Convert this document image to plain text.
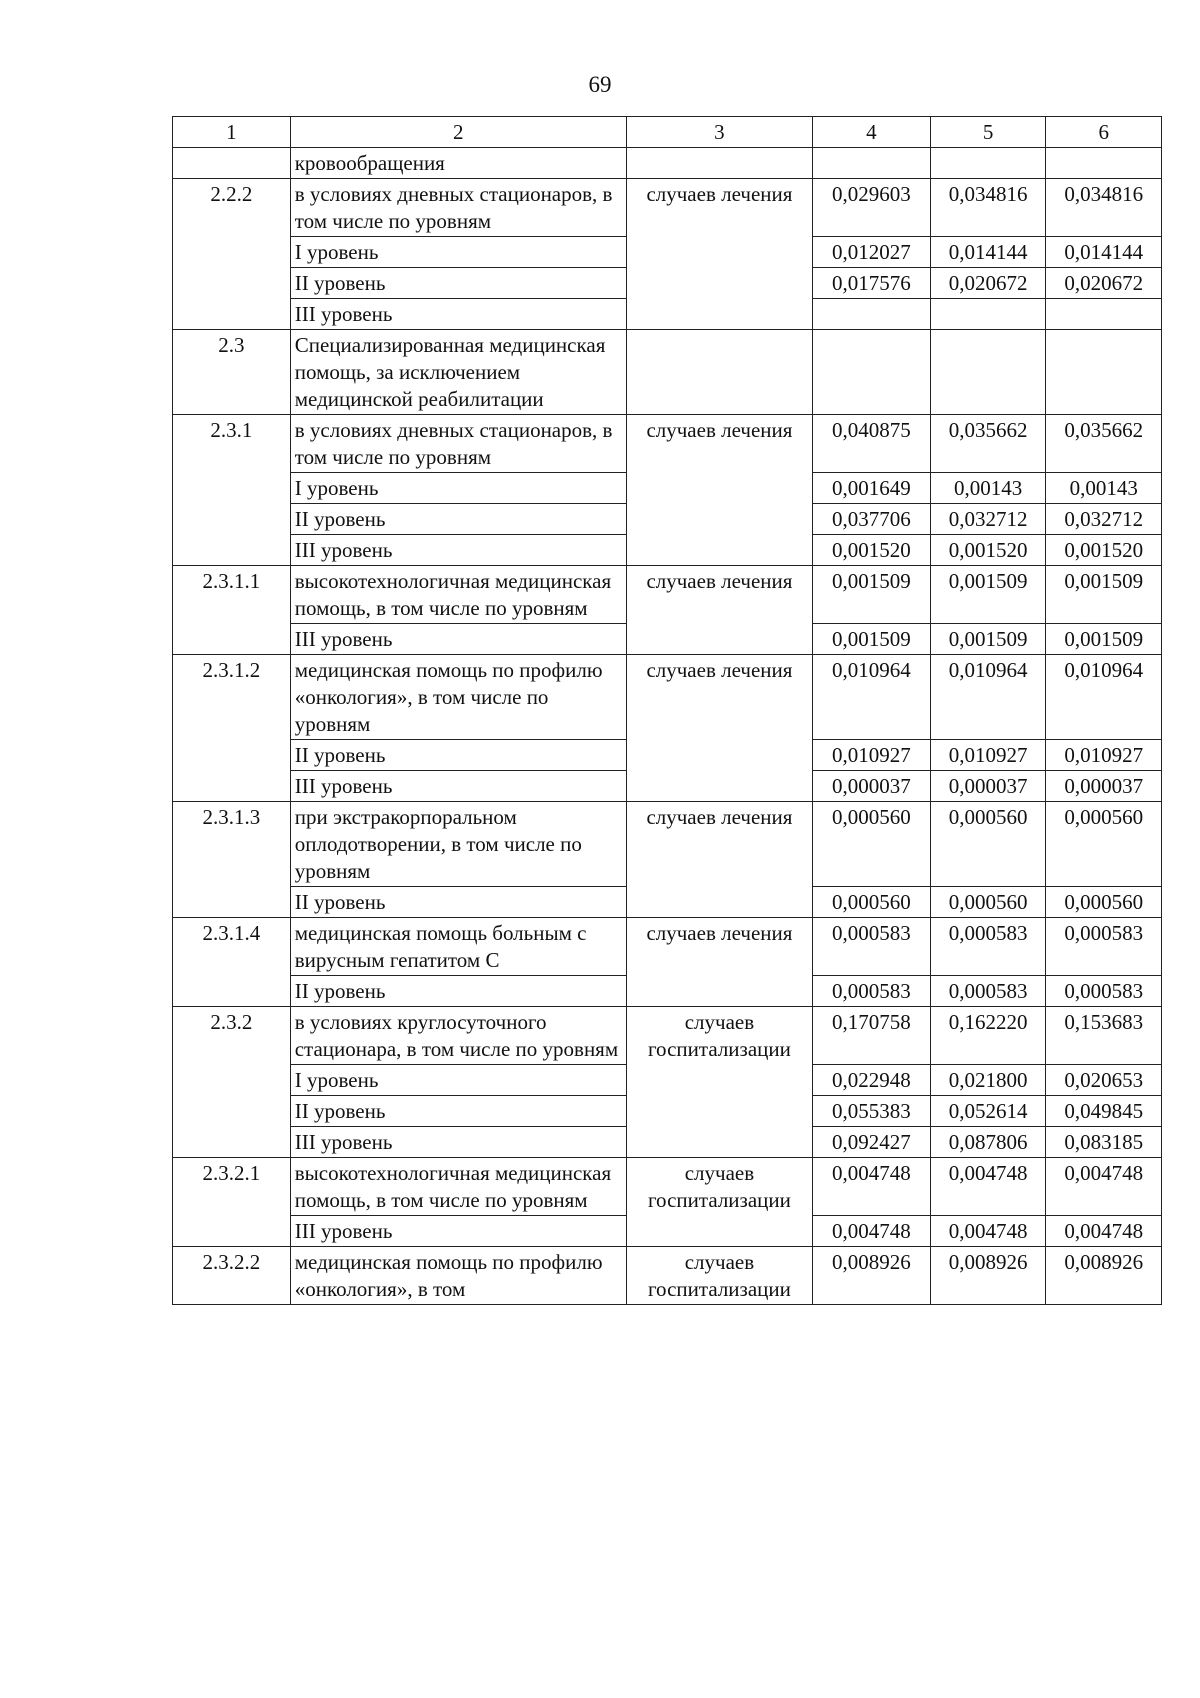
69
1	2	3	4	5	6
	кровообращения				
2.2.2	в условиях дневных стационаров, в том числе по уровням	случаев лечения	0,029603	0,034816	0,034816
	I уровень		0,012027	0,014144	0,014144
	II уровень		0,017576	0,020672	0,020672
	III уровень				
2.3	Специализированная медицинская помощь, за исключением медицинской реабилитации				
2.3.1	в условиях дневных стационаров, в том числе по уровням	случаев лечения	0,040875	0,035662	0,035662
	I уровень		0,001649	0,00143	0,00143
	II уровень		0,037706	0,032712	0,032712
	III уровень		0,001520	0,001520	0,001520
2.3.1.1	высокотехнологичная медицинская помощь, в том числе по уровням	случаев лечения	0,001509	0,001509	0,001509
	III уровень		0,001509	0,001509	0,001509
2.3.1.2	медицинская помощь по профилю «онкология», в том числе по уровням	случаев лечения	0,010964	0,010964	0,010964
	II уровень		0,010927	0,010927	0,010927
	III уровень		0,000037	0,000037	0,000037
2.3.1.3	при экстракорпоральном оплодотворении, в том числе по уровням	случаев лечения	0,000560	0,000560	0,000560
	II уровень		0,000560	0,000560	0,000560
2.3.1.4	медицинская помощь больным с вирусным гепатитом С	случаев лечения	0,000583	0,000583	0,000583
	II уровень		0,000583	0,000583	0,000583
2.3.2	в условиях круглосуточного стационара, в том числе по уровням	случаев госпитализации	0,170758	0,162220	0,153683
	I уровень		0,022948	0,021800	0,020653
	II уровень		0,055383	0,052614	0,049845
	III уровень		0,092427	0,087806	0,083185
2.3.2.1	высокотехнологичная медицинская помощь, в том числе по уровням	случаев госпитализации	0,004748	0,004748	0,004748
	III уровень		0,004748	0,004748	0,004748
2.3.2.2	медицинская помощь по профилю «онкология», в том	случаев госпитализации	0,008926	0,008926	0,008926
